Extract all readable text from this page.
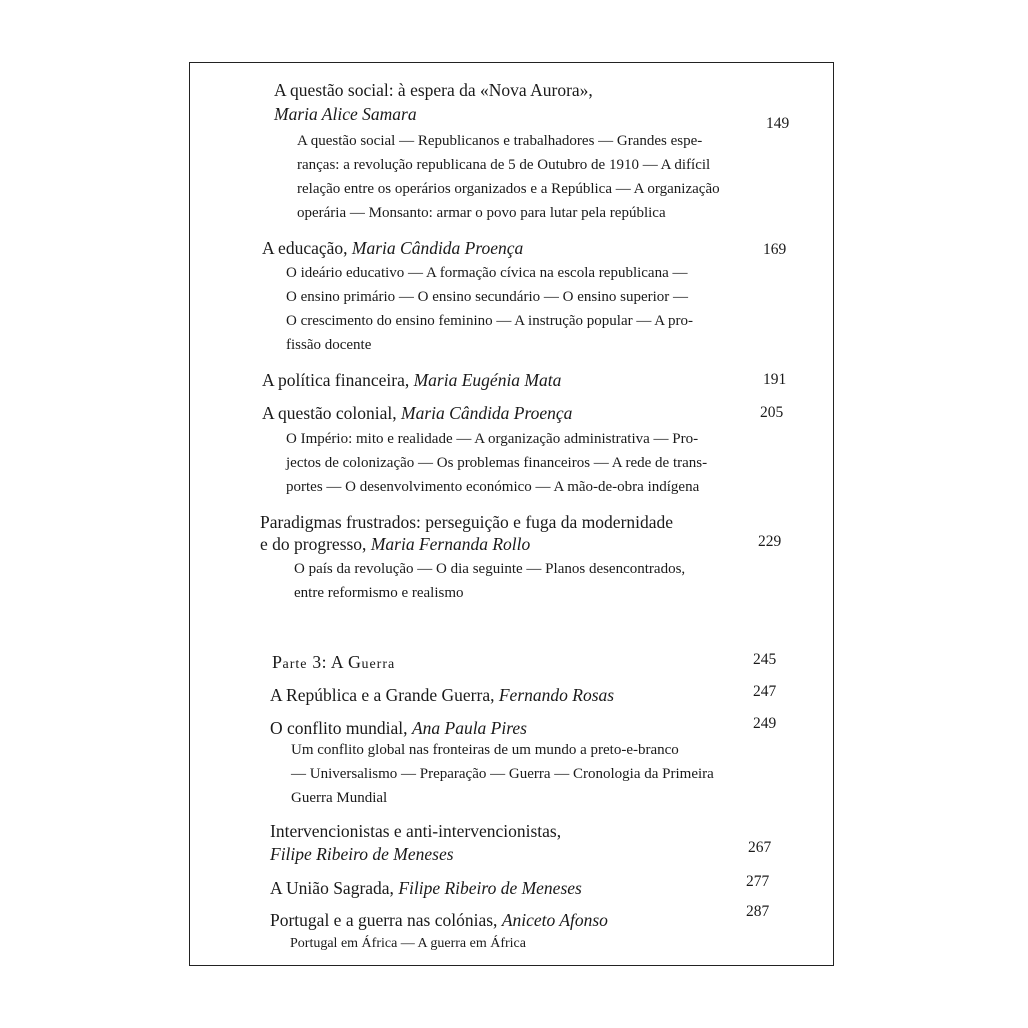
A questão social: à espera da «Nova Aurora»,
Maria Alice Samara	149
A questão social — Republicanos e trabalhadores — Grandes espe-
ranças: a revolução republicana de 5 de Outubro de 1910 — A difícil
relação entre os operários organizados e a República — A organização
operária — Monsanto: armar o povo para lutar pela república
A educação, Maria Cândida Proença	169
O ideário educativo — A formação cívica na escola republicana —
O ensino primário — O ensino secundário — O ensino superior —
O crescimento do ensino feminino — A instrução popular — A pro-
fissão docente
A política financeira, Maria Eugénia Mata	191
A questão colonial, Maria Cândida Proença	205
O Império: mito e realidade — A organização administrativa — Pro-
jectos de colonização — Os problemas financeiros — A rede de trans-
portes — O desenvolvimento económico — A mão-de-obra indígena
Paradigmas frustrados: perseguição e fuga da modernidade
e do progresso, Maria Fernanda Rollo	229
O país da revolução — O dia seguinte — Planos desencontrados,
entre reformismo e realismo
Parte 3: A Guerra	245
A República e a Grande Guerra, Fernando Rosas	247
O conflito mundial, Ana Paula Pires	249
Um conflito global nas fronteiras de um mundo a preto-e-branco
— Universalismo — Preparação — Guerra — Cronologia da Primeira
Guerra Mundial
Intervencionistas e anti-intervencionistas,
Filipe Ribeiro de Meneses	267
A União Sagrada, Filipe Ribeiro de Meneses	277
Portugal e a guerra nas colónias, Aniceto Afonso	287
Portugal em África — A guerra em África
